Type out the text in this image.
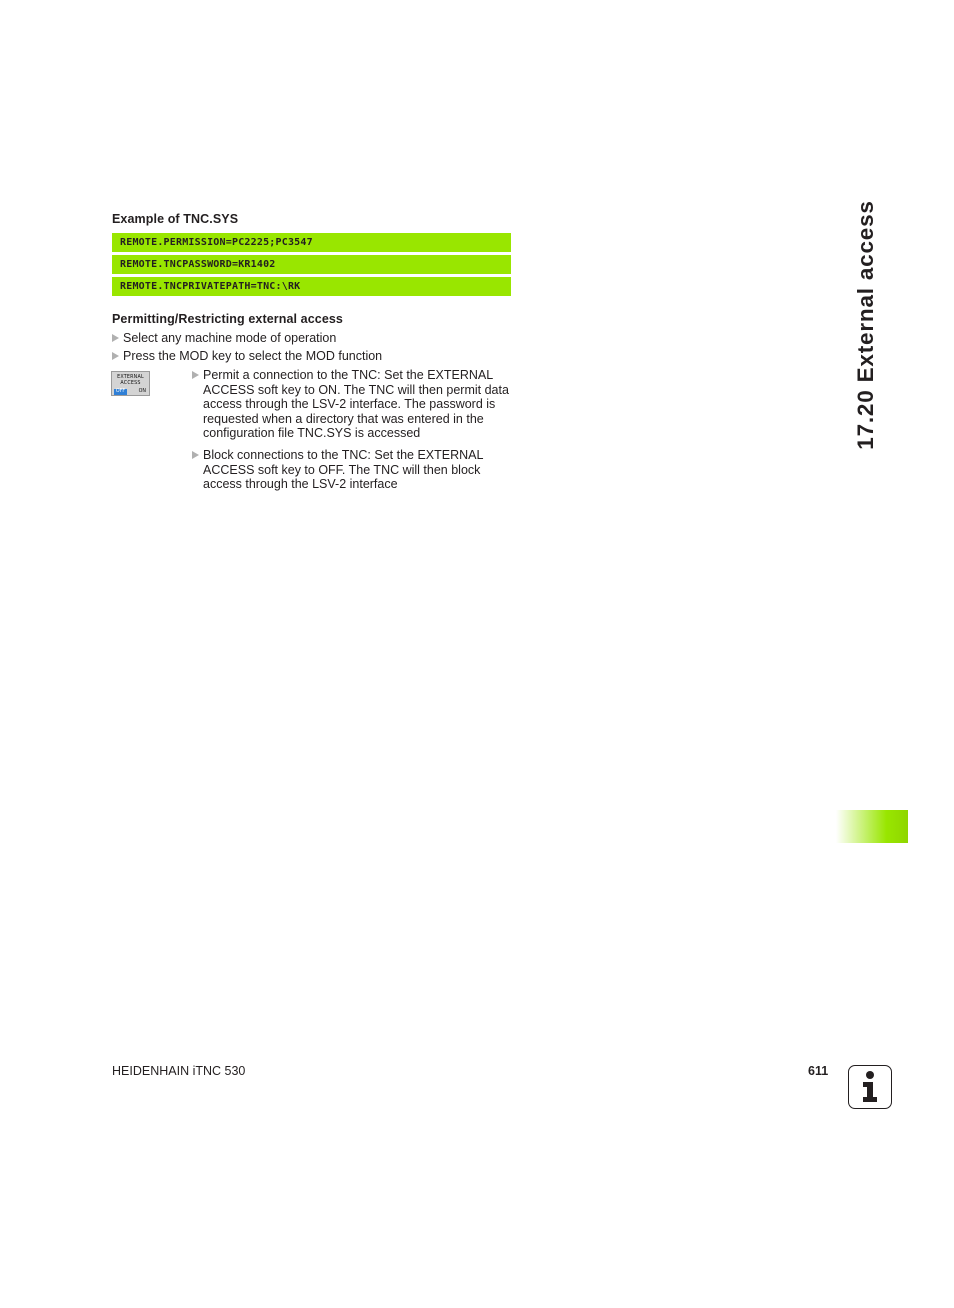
Example of TNC.SYS
REMOTE.PERMISSION=PC2225;PC3547
REMOTE.TNCPASSWORD=KR1402
REMOTE.TNCPRIVATEPATH=TNC:\RK
Permitting/Restricting external access
Select any machine mode of operation
Press the MOD key to select the MOD function
EXTERNAL
ACCESS
OFF	ON
Permit a connection to the TNC: Set the EXTERNAL ACCESS soft key to ON. The TNC will then permit data access through the LSV-2 interface. The password is requested when a directory that was entered in the configuration file TNC.SYS is accessed
Block connections to the TNC: Set the EXTERNAL ACCESS soft key to OFF. The TNC will then block access through the LSV-2 interface
17.20 External access
HEIDENHAIN iTNC 530	611
